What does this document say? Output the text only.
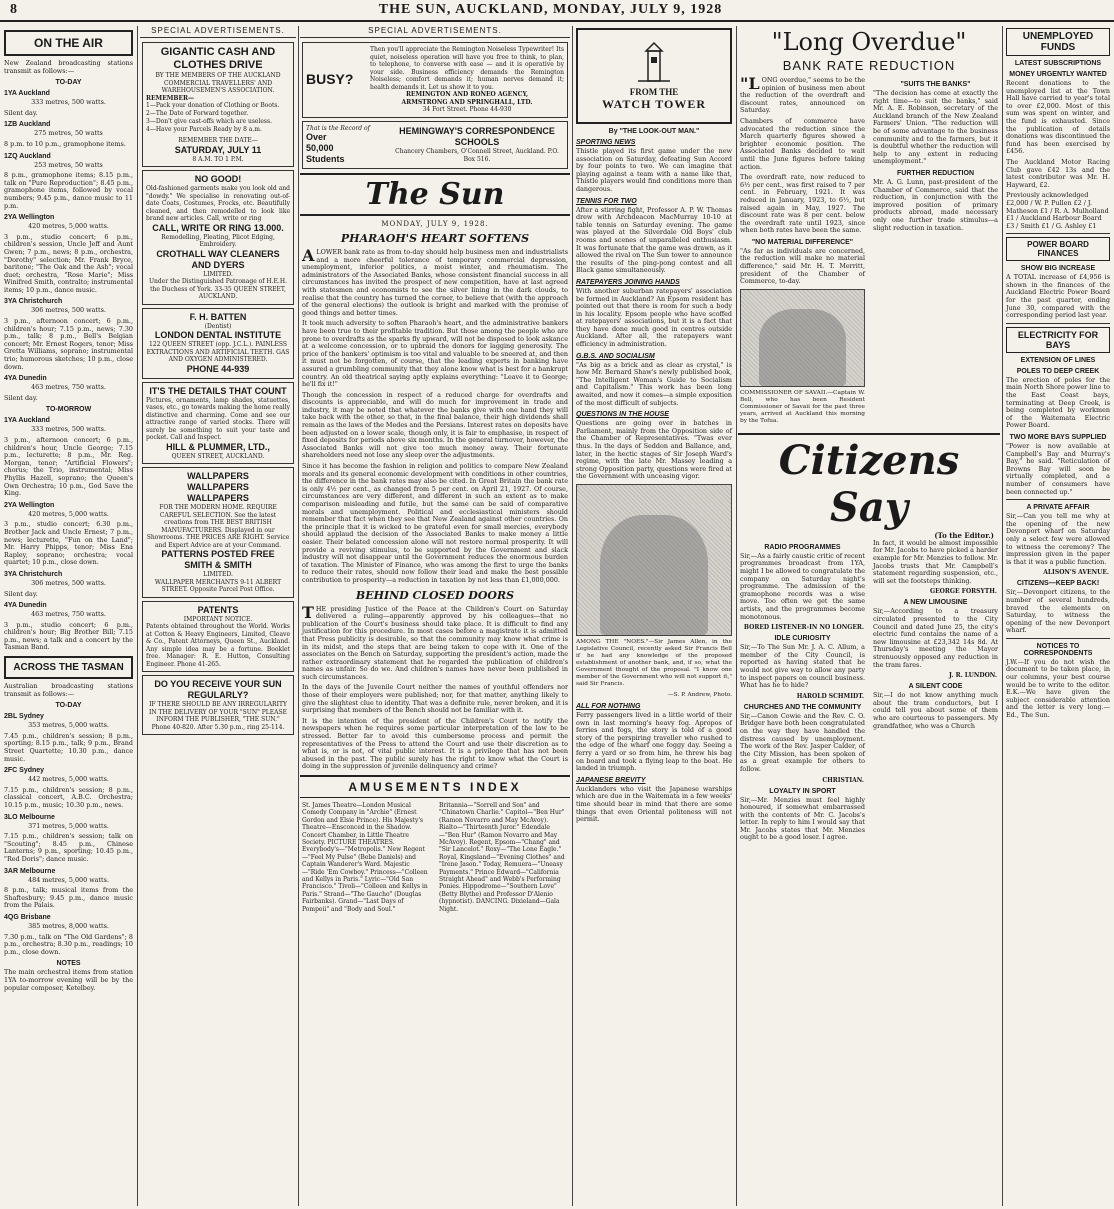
8	THE SUN, AUCKLAND, MONDAY, JULY 9, 1928
ON THE AIR
New Zealand broadcasting stations transmit as follows:—
TO-DAY
1YA Auckland
333 metres, 500 watts.
Silent day.
1ZB Auckland
275 metres, 50 watts
8 p.m. to 10 p.m., gramophone items.
1ZQ Auckland
253 metres, 50 watts
8 p.m., gramophone items; 8.15 p.m., talk on "Pure Reproduction"; 8.45 p.m., gramophone items, followed by vocal numbers; 9.45 p.m., dance music to 11 p.m.
2YA Wellington
420 metres, 5,000 watts.
3 p.m., studio concert; 6 p.m., children's session, Uncle Jeff and Aunt Gwen; 7 p.m., news; 8 p.m., orchestra, "Dorothy" selection; Mr. Frank Bryce, baritone; "The Oak and the Ash"; vocal duet; orchestra, "Rose Marie"; Miss Winifred Smith, contralto; instrumental items; 10 p.m., dance music.
3YA Christchurch
306 metres, 500 watts.
3 p.m., afternoon concert; 6 p.m., children's hour; 7.15 p.m., news; 7.30 p.m., talk; 8 p.m., Bell's Belgian concert; Mr. Ernest Rogers, tenor; Miss Gretta Williams, soprano; instrumental trio; humorous sketches; 10 p.m., close down.
4YA Dunedin
463 metres, 750 watts.
Silent day.
TO-MORROW
1YA Auckland
333 metres, 500 watts.
3 p.m., afternoon concert; 6 p.m., children's hour, Uncle George; 7.15 p.m., lecturette; 8 p.m., Mr. Reg. Morgan, tenor; "Artificial Flowers"; chorus; the Trio, instrumental; Miss Phyllis Hazell, soprano; the Queen's Own Orchestra; 10 p.m., God Save the King.
2YA Wellington
420 metres, 5,000 watts.
3 p.m., studio concert; 6.30 p.m., Brother Jack and Uncle Ernest; 7 p.m., news; lecturette, "Fun on the Land"; Mr. Harry Phipps, tenor; Miss Ena Rapley, soprano; orchestra; vocal quartet; 10 p.m., close down.
3YA Christchurch
306 metres, 500 watts.
Silent day.
4YA Dunedin
463 metres, 750 watts.
3 p.m., studio concert; 6 p.m., children's hour; Big Brother Bill; 7.15 p.m., news; a talk and a concert by the Tasman Band.
ACROSS THE TASMAN
Australian broadcasting stations transmit as follows:—
TO-DAY
2BL Sydney
353 metres, 5,000 watts.
7.45 p.m., children's session; 8 p.m., sporting; 8.15 p.m., talk; 9 p.m., Brand Street Quartette; 10.30 p.m., dance music.
2FC Sydney
442 metres, 5,000 watts.
7.15 p.m., children's session; 8 p.m., classical concert, A.B.C. Orchestra; 10.15 p.m., music; 10.30 p.m., news.
3LO Melbourne
371 metres, 5,000 watts.
7.15 p.m., children's session; talk on "Scouting"; 8.45 p.m., Chinese Lanterns; 9 p.m., sporting; 10.45 p.m., "Red Doris"; dance music.
3AR Melbourne
484 metres, 5,000 watts.
8 p.m., talk; musical items from the Shaftesbury; 9.45 p.m., dance music from the Palais.
4QG Brisbane
385 metres, 8,000 watts.
7.30 p.m., talk on "The Old Gardens"; 8 p.m., orchestra; 8.30 p.m., readings; 10 p.m., close down.
NOTES
The main orchestral items from station 1YA to-morrow evening will be by the popular composer, Ketelbey.
SPECIAL ADVERTISEMENTS.
GIGANTIC CASH AND CLOTHES DRIVE
BY THE MEMBERS OF THE AUCKLAND COMMERCIAL TRAVELLERS' AND WAREHOUSEMEN'S ASSOCIATION.
REMEMBER—
1—Pack your donation of Clothing or Boots.
2—The Date of Forward together.
3—Don't give cast-offs which are useless.
4—Have your Parcels Ready by 8 a.m.
REMEMBER THE DATE—
SATURDAY, JULY 11
8 A.M. TO 1 P.M.
NO GOOD!
Old-fashioned garments make you look old and "dowdy." We specialise in renovating out-of-date Coats, Costumes, Frocks, etc. Beautifully cleaned, and then remodelled to look like brand new articles. Call, write or ring
CALL, WRITE OR RING 13.000.
Remodelling, Pleating, Plicot Edging, Embroidery.
CROTHALL WAY CLEANERS AND DYERS
LIMITED.
Under the Distinguished Patronage of H.E.H. the Duchess of York. 33-35 QUEEN STREET, AUCKLAND.
F. H. BATTEN
(Dentist)
LONDON DENTAL INSTITUTE
122 QUEEN STREET (opp. J.C.L.). PAINLESS EXTRACTIONS AND ARTIFICIAL TEETH. GAS AND OXYGEN ADMINISTERED.
PHONE 44-939
IT'S THE DETAILS THAT COUNT
Pictures, ornaments, lamp shades, statuettes, vases, etc., go towards making the home really distinctive and charming. Come and see our attractive range of varied stocks. There will surely be something to suit your taste and pocket. Call and Inspect.
HILL & PLUMMER, LTD.,
QUEEN STREET, AUCKLAND.
WALLPAPERS
WALLPAPERS
WALLPAPERS
FOR THE MODERN HOME. REQUIRE CAREFUL SELECTION. See the latest creations from THE BEST BRITISH MANUFACTURERS. Displayed in our Showrooms. THE PRICES ARE RIGHT. Service and Expert Advice are at your Command.
PATTERNS POSTED FREE
SMITH & SMITH
LIMITED.
WALLPAPER MERCHANTS 9-11 ALBERT STREET. Opposite Parcel Post Office.
PATENTS
IMPORTANT NOTICE.
Patents obtained throughout the World. Works at Cotton & Heavy Engineers, Limited, Cleave & Co., Patent Attorneys, Queen St., Auckland. Any simple idea may be a fortune. Booklet free. Manager: R. E. Hutton, Consulting Engineer. Phone 41-265.
DO YOU RECEIVE YOUR SUN REGULARLY?
IF THERE SHOULD BE ANY IRREGULARITY IN THE DELIVERY OF YOUR "SUN" PLEASE INFORM THE PUBLISHER, "THE SUN."
Phone 40-820. After 5.30 p.m., ring 25-114.
SPECIAL ADVERTISEMENTS.
BUSY?
Then you'll appreciate the Remington Noiseless Typewriter! Its quiet, noiseless operation will have you free to think, to plan, to telephone, to converse with ease — and it is operative by your side. Business efficiency demands the Remington Noiseless; comfort demands it; human nerves demand it; health demands it. Let us show it to you.
REMINGTON AND RONEO AGENCY,
ARMSTRONG AND SPRINGHALL, LTD.
34 Fort Street. Phone 44-930
That is the Record of
Over
50,000
Students
HEMINGWAY'S CORRESPONDENCE SCHOOLS
Chancery Chambers, O'Connell Street, Auckland. P.O. Box 516.
The Sun
MONDAY, JULY 9, 1928.
PHARAOH'S HEART SOFTENS
ALOWER bank rate as from to-day should help business men and industrialists and a more cheerful tolerance of temporary commercial depression, unemployment, inferior politics, a moist winter, and rheumatism. The administrators of the Associated Banks, whose consistent financial success in all circumstances has invited the prospect of new competition, have at last agreed with statesmen and economists to see the silver lining in the dark clouds, to realise that the country has turned the corner, to believe that (with the approach of the general elections) the outlook is bright and marked with the promise of good things and better times.
It took much adversity to soften Pharaoh's heart, and the administrative bankers have been true to their profitable tradition. But those among the people who are prone to overdrafts as the sparks fly upward, will not be disposed to look askance at a welcome concession, or to upbraid the donors for lagging generosity. The price of the bankers' optimism is too vital and valuable to be sneered at, and then it must not be forgotten, of course, that the leading experts in banking have assured a grumbling community that they alone know what is best for a bankrupt country. An old theatrical saying aptly explains everything: "Leave it to George; he'll fix it!"
Though the concession in respect of a reduced charge for overdrafts and discounts is appreciable, and will do much for improvement in trade and industry, it may be noted that whatever the banks give with one hand they will take back with the other, so that, in the final balance, their high dividends shall remain as the laws of the Medes and the Persians. Interest rates on deposits have been adjusted on a lower scale, though only, it is fair to emphasise, in respect of fixed deposits for periods above six months. In the general turnover, however, the Associated Banks will not give too much money away. Their fortunate shareholders need not lose any sleep over the adjustments.
Since it has become the fashion in religion and politics to compare New Zealand morals and its general economic development with conditions in other countries, the difference in the bank rates may also be cited. In Great Britain the bank rate is only 4½ per cent., as changed from 5 per cent. on April 21, 1927. Of course, circumstances are very different, and different in such an extent as to make comparison misleading and futile, but the same can be said of comparative morals and unemployment. Political and ecclesiastical ministers should remember that fact when they see that New Zealand against other countries. On the principle that it is wicked to be grateful even for small mercies, everybody should applaud the decision of the Associated Banks to make money a little easier. Their belated concession alone will not restore normal prosperity. It will provide a reviving stimulus, to be supported by the Government and slack industry will not disappear until the Government reduces the enormous burden of taxation. The Minister of Finance, who was among the first to urge the banks to reduce their rates, should now follow their lead and make the best possible contribution to prosperity—a reduction in taxation by not less than £1,000,000.
BEHIND CLOSED DOORS
THE presiding Justice of the Peace at the Children's Court on Saturday delivered a ruling—apparently approved by his colleagues—that no publication of the Court's business should take place. It is difficult to find any justification for this procedure. In most cases before a magistrate it is admitted that Press publicity is desirable, so that the community may know what crime is in its midst, and the steps that are being taken to cope with it. One of the associates on the Bench on Saturday, supporting the president's action, made the rather extraordinary statement that he regarded the publication of children's names as unfair. So do we. And children's names have never been published in such circumstances.
In the days of the Juvenile Court neither the names of youthful offenders nor those of their employers were published; nor, for that matter, anything likely to give the slightest clue to identity. That was a definite rule, never broken, and it is surprising that members of the Bench should not be familiar with it.
It is the intention of the president of the Children's Court to notify the newspapers when he requires some particular interpretation of the law to be stressed. Better far to avoid this cumbersome process and permit the representatives of the Press to attend the Court and use their discretion as to what is, or is not, of vital public interest. It is a privilege that has not been abused in the past. The public surely has the right to know what the Court is doing in the suppression of juvenile delinquency and crime?
AMUSEMENTS INDEX
St. James Theatre—London Musical Comedy Company in "Archie" (Ernest Gordon and Elsie Prince). His Majesty's Theatre—Ensconced in the Shadow. Concert Chamber, in Little Theatre Society. PICTURE THEATRES. Everybody's—"Metropolis." New Regent—"Feel My Pulse" (Bebe Daniels) and Captain Wanderer's Ward. Majestic—"Ride 'Em Cowboy." Princess—"Colleen and Kellys in Paris." Lyric—"Old San Francisco." Tivoli—"Colleen and Kellys in Paris." Strand—"The Gaucho" (Douglas Fairbanks). Grand—"Last Days of Pompeii" and "Body and Soul."
Britannia—"Sorrell and Son" and "Chinatown Charlie." Capitol—"Ben Hur" (Ramon Novarro and May McAvoy). Rialto—"Thirteenth Juror." Edendale—"Ben Hur" (Ramon Novarro and May McAvoy). Regent, Epsom—"Chang" and "Sir Lancelot." Roxy—"The Lone Eagle." Royal, Kingsland—"Evening Clothes" and "Irene Jason." Today, Remuera—"Uneasy Payments." Prince Edward—"California Straight Ahead" and Webb's Performing Ponies. Hippodrome—"Southern Love" (Betty Blythe) and Professor D'Alenio (hypnotist). DANCING. Dixieland—Gala Night.
FROM THE
WATCH TOWER
By "THE LOOK-OUT MAN."
SPORTING NEWS
Thistle played its first game under the new association on Saturday, defeating Sun Accord by four points to two. We can imagine that playing against a team with a name like that, Thistle players would find conditions more than dangerous.
TENNIS FOR TWO
After a stirring fight, Professor A. P. W. Thomas drew with Archdeacon MacMurray 10-10 at table tennis on Saturday evening. The game was played at the Silverdale Old Boys' club rooms and scenes of unparalleled enthusiasm. It was fortunate that the game was drawn, as it allowed the rival on The Sun tower to announce the results of the ping-pong contest and all Black game simultaneously.
RATEPAYERS JOINING HANDS
With another suburban ratepayers' association be formed in Auckland? An Epsom resident has pointed out that there is room for such a body in his locality. Epsom people who have scoffed at ratepayers' associations, but it is a fact that they have done much good in centres outside Auckland. After all, the ratepayers want efficiency in administration.
G.B.S. AND SOCIALISM
"As big as a brick and as clear as crystal," is how Mr. Bernard Shaw's newly published book, "The Intelligent Woman's Guide to Socialism and Capitalism." This work has been long awaited, and now it comes—a simple exposition of the most difficult of subjects.
QUESTIONS IN THE HOUSE
Questions are going over in batches in Parliament, mainly from the Opposition side of the Chamber of Representatives. "Twas ever thus. In the days of Seddon and Ballance, and, later, in the hectic stages of Sir Joseph Ward's regime, with the late Mr. Massey leading a strong Opposition party, questions were fired at the Government with unceasing vigor.
AMONG THE "NOES."—Sir James Allen, in the Legislative Council, recently asked Sir Francis Bell if he had any knowledge of the proposed establishment of another bank, and, if so, what the Government thought of the proposal. "I know one member of the Government who will not support it," said Sir Francis.
—S. P. Andrew, Photo.
ALL FOR NOTHING
Ferry passengers lived in a little world of their own in last morning's heavy fog. Apropos of ferries and fogs, the story is told of a good story of the perspiring traveller who rushed to the edge of the wharf one foggy day. Seeing a ferry a yard or so from him, he threw his bag on board and took a flying leap to the boat. He landed in triumph.
JAPANESE BREVITY
Aucklanders who visit the Japanese warships which are due in the Waitemata in a few weeks' time should bear in mind that there are some things that even Oriental politeness will not permit.
"Long Overdue"
BANK RATE REDUCTION
"LONG overdue," seems to be the opinion of business men about the reduction of the overdraft and discount rates, announced on Saturday.
Chambers of commerce have advocated the reduction since the March quarterly figures showed a brighter economic position. The Associated Banks decided to wait until the June figures before taking action.
The overdraft rate, now reduced to 6½ per cent., was first raised to 7 per cent. in February, 1921. It was reduced in January, 1923, to 6½, but raised again in May, 1927. The discount rate was 8 per cent. below the overdraft rate until 1923, since when both rates have been the same.
"NO MATERIAL DIFFERENCE"
"As far as individuals are concerned, the reduction will make no material difference," said Mr. H. T. Merritt, president of the Chamber of Commerce, to-day.
COMMISSIONER OF SAVAII.—Captain W. Bell, who has been Resident Commissioner of Savaii for the past three years, arrived at Auckland this morning by the Tofua.
"SUITS THE BANKS"
"The decision has come at exactly the right time—to suit the banks," said Mr. A. E. Robinson, secretary of the Auckland branch of the New Zealand Farmers' Union. "The reduction will be of some advantage to the business community and to the farmers, but it is doubtful whether the reduction will help to any extent in reducing unemployment."
FURTHER REDUCTION
Mr. A. G. Lunn, past-president of the Chamber of Commerce, said that the reduction, in conjunction with the improved position of primary products abroad, made necessary only one further trade stimulus—a slight reduction in taxation.
Citizens Say
(To the Editor.)
RADIO PROGRAMMES
Sir,—As a fairly caustic critic of recent programmes broadcast from 1YA, might I be allowed to congratulate the company on Saturday night's programme. The admission of the gramophone records was a wise move. Too often we get the same artists, and the programmes become monotonous.
BORED LISTENER-IN NO LONGER.
IDLE CURIOSITY
Sir,—To The Sun Mr. J. A. C. Allum, a member of the City Council, is reported as having stated that he would not give way to allow any party to inspect papers on council business. What has he to hide?
HAROLD SCHMIDT.
CHURCHES AND THE COMMUNITY
Sir,—Canon Cowie and the Rev. C. O. Bridger have both been congratulated on the way they have handled the distress caused by unemployment. The work of the Rev. Jasper Calder, of the City Mission, has been spoken of as a great example for others to follow.
CHRISTIAN.
LOYALTY IN SPORT
Sir,—Mr. Menzies must feel highly honoured, if somewhat embarrassed with the contents of Mr. C. Jacobs's letter. In reply to him I would say that Mr. Jacobs states that Mr. Menzies ought to be a good loser. I agree.
In fact, it would be almost impossible for Mr. Jacobs to have picked a harder example for Mr. Menzies to follow. Mr. Jacobs trusts that Mr. Campbell's statement regarding suspension, etc., will set the footsteps thinking.
GEORGE FORSYTH.
A NEW LIMOUSINE
Sir,—According to a treasury circulated presented to the City Council and dated June 25, the city's electric fund contains the name of a new limousine at £23,342 14s 8d. At Thursday's meeting the Mayor strenuously opposed any reduction in the tram fares.
J. R. LUNDON.
A SILENT CODE
Sir,—I do not know anything much about the tram conductors, but I could tell you about some of them who are courteous to passengers. My grandfather, who was a Church
UNEMPLOYED FUNDS
LATEST SUBSCRIPTIONS
MONEY URGENTLY WANTED
Recent donations to the unemployed list at the Town Hall have carried to year's total to over £2,000. Most of this sum was spent on winter, and the fund is exhausted. Since the publication of details donations was discontinued the fund has been exercised by £456.
The Auckland Motor Racing Club gave £42 13s and the latest contributor was Mr. H. Hayward, £2.
Previously acknowledged £2,000 / W. P. Pullen £2 / J. Matheson £1 / R. A. Mulholland £1 / Auckland Harbour Board £3 / Smith £1 / G. Ashley £1
POWER BOARD FINANCES
SHOW BIG INCREASE
A TOTAL increase of £4,956 is shown in the finances of the Auckland Electric Power Board for the past quarter, ending June 30, compared with the corresponding period last year.
ELECTRICITY FOR BAYS
EXTENSION OF LINES
POLES TO DEEP CREEK
The erection of poles for the main North Shore power line to the East Coast bays, terminating at Deep Creek, is being completed by workmen of the Waitemata Electric Power Board.
TWO MORE BAYS SUPPLIED
"Power is now available at Campbell's Bay and Murray's Bay," he said. "Reticulation of Browns Bay will soon be virtually completed, and a number of consumers have been connected up."
A PRIVATE AFFAIR
Sir,—Can you tell me why at the opening of the new Devonport wharf on Saturday only a select few were allowed to witness the ceremony? The impression given in the paper is that it was a public function.
ALISON'S AVENUE.
CITIZENS—KEEP BACK!
Sir,—Devonport citizens, to the number of several hundreds, braved the elements on Saturday, to witness the opening of the new Devonport wharf.
NOTICES TO CORRESPONDENTS
J.W.—If you do not wish the document to be taken place, in our columns, your best course would be to write to the editor. E.K.—We have given the subject considerable attention and the letter is very long.—Ed., The Sun.
